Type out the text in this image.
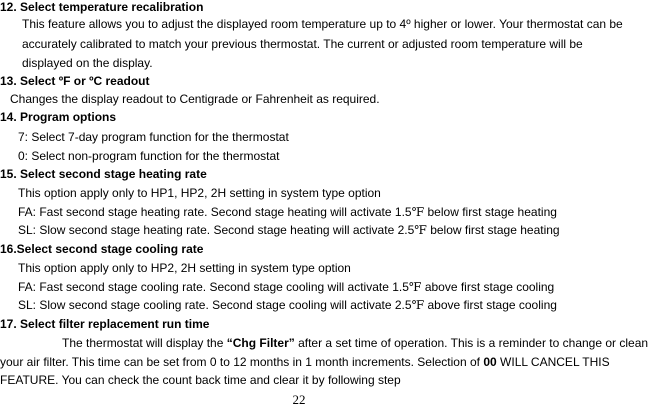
12. Select temperature recalibration
This feature allows you to adjust the displayed room temperature up to 4º higher or lower. Your thermostat can be
accurately calibrated to match your previous thermostat. The current or adjusted room temperature will be
displayed on the display.
13. Select ºF or ºC readout
Changes the display readout to Centigrade or Fahrenheit as required.
14. Program options
7: Select 7-day program function for the thermostat
0: Select non-program function for the thermostat
15. Select second stage heating rate
This option apply only to HP1, HP2, 2H setting in system type option
FA: Fast second stage heating rate. Second stage heating will activate 1.5℉ below first stage heating
SL: Slow second stage heating rate. Second stage heating will activate 2.5℉ below first stage heating
16.Select second stage cooling rate
This option apply only to HP2, 2H setting in system type option
FA: Fast second stage cooling rate. Second stage cooling will activate 1.5℉ above first stage cooling
SL: Slow second stage cooling rate. Second stage cooling will activate 2.5℉ above first stage cooling
17. Select filter replacement run time
The thermostat will display the “Chg Filter” after a set time of operation. This is a reminder to change or clean
your air filter. This time can be set from 0 to 12 months in 1 month increments. Selection of 00 WILL CANCEL THIS
FEATURE. You can check the count back time and clear it by following step
22
